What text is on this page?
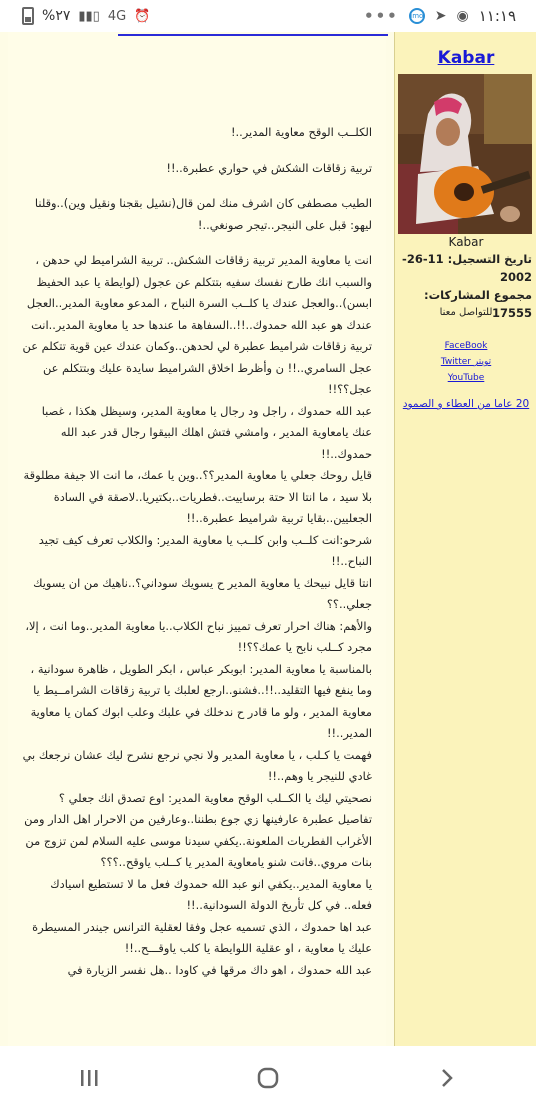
%٢٧ ▮▮▯ 4G ⏰	••• imo ➤ ◉ ١١:١٩

الكلــب الوقح معاوية المدير..!

تربية زقاقات الشكش في حواري عطبرة..!!

الطيب مصطفى كان اشرف منك لمن قال(نشيل بقجنا ونقيل وين)..وقلنا ليهو: قبل على النيجر..تيجر صونغي..!

انت يا معاوية المدير تربية زقاقات الشكش.. تربية الشراميط لي حدهن ، والسبب انك طارح نفسك سفيه بتتكلم عن عجول (لوايطة يا عبد الحفيظ ابسن)..والعجل عندك يا كلــب السرة النباح ، المدعو معاوية المدير..العجل عندك هو عبد الله حمدوك..!!..السفاهة ما عندها حد يا معاوية المدير..انت تربية زقاقات شراميط عطبرة لي لحدهن..وكمان عندك عين قوية تتكلم عن عجل السامري..!! ن وأظرط اخلاق الشراميط سايدة عليك وبتتكلم عن عجل؟؟!!

عبد الله حمدوك ، راجل ود رجال يا معاوية المدير، وسيظل هكذا ، غصبا عنك يامعاوية المدير ، وامشي فتش اهلك البيقوا رجال قدر عبد الله حمدوك..!!

قايل روحك جعلي يا معاوية المدير؟؟..وين يا عمك، ما انت الا جيفة مطلوقة بلا سيد ، ما انتا الا حتة برساييت..فطريات..بكتيريا..لاصقة في السادة الجعليين..بقايا تربية شراميط عطبرة..!!

شرحو:انت كلــب وابن كلــب يا معاوية المدير: والكلاب تعرف كيف تجيد النباح..!!

انتا قايل نبيحك يا معاوية المدير ح يسويك سوداني؟..ناهيك من ان يسويك جعلي..؟؟

والأهم: هناك احرار تعرف تمييز نباح الكلاب..يا معاوية المدير..وما انت ، إلا، مجرد كــلب نابح يا عمك؟؟!!

بالمناسبة يا معاوية المدير: ابوبكر عباس ، ابكر الطويل ، ظاهرة سودانية ، وما ينفع فيها التقليد..!!..فشنو..ارجع لعلبك يا تربية زقاقات الشرامــيط يا معاوية المدير ، ولو ما قادر ح ندخلك في علبك وعلب ابوك كمان يا معاوية المدير..!!

فهمت يا كـلب ، يا معاوية المدير ولا نجي نرجع نشرح ليك عشان نرجعك بي غادي للنيجر يا وهم..!!

نصحيتي ليك يا الكــلب الوقح معاوية المدير: اوع تصدق انك جعلي ؟

تفاصيل عطبرة عارفينها زي جوع بطننا..وعارفين من الاحرار اهل الدار ومن الأغراب الفطريات الملعونة..يكفي سيدنا موسى عليه السلام لمن تزوج من بنات مروي..فانت شنو يامعاوية المدير يا كــلب ياوقح..؟؟؟

يا معاوية المدير..يكفي انو عبد الله حمدوك فعل ما لا تستطيع اسيادك فعله.. في كل تأريخ الدولة السودانية..!!

عبد اها حمدوك ، الذي تسميه عجل وفقا لعقلية الترانس جيندر المسيطرة عليك يا معاوية ، او عقلية اللوايطة يا كلب ياوقـــح..!!

عبد الله حمدوك ، اهو داك مرقها في كاودا ..هل نفسر الزيارة في

Kabar
Kabar
تاريخ التسجيل: 11-26-2002
مجموع المشاركات: 17555
للتواصل معنا
FaceBook
Twitter تويتر
YouTube
20 عاما من العطاء و الصمود
